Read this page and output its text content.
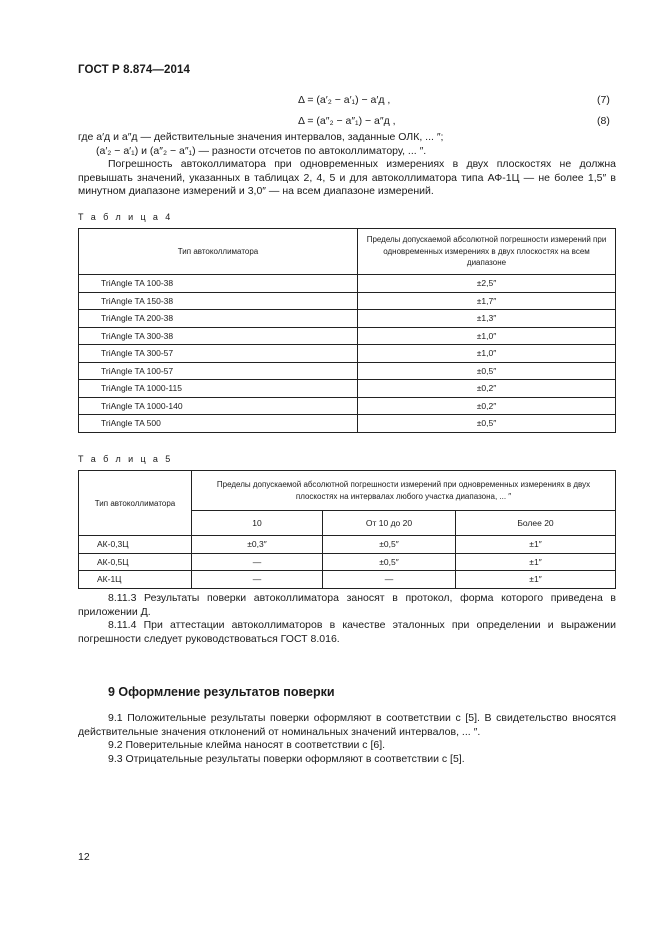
ГОСТ Р 8.874—2014
Δ = (a′₂ − a′₁) − a′д ,	(7)
Δ = (a″₂ − a″₁) − a″д ,	(8)

где a′д и a″д — действительные значения интервалов, заданные ОЛК, ... ″;

(a′₂ − a′₁) и (a″₂ − a″₁) — разности отсчетов по автоколлиматору, ... ″.

Погрешность автоколлиматора при одновременных измерениях в двух плоскостях не должна превышать значений, указанных в таблицах 2, 4, 5 и для автоколлиматора типа АФ-1Ц — не более 1,5″ в минутном диапазоне измерений и 3,0″ — на всем диапазоне измерений.

Т а б л и ц а 4
Тип автоколлиматора	Пределы допускаемой абсолютной погрешности измерений при одновременных измерениях в двух плоскостях на всем диапазоне
TriAngle TA 100-38	±2,5″
TriAngle TA 150-38	±1,7″
TriAngle TA 200-38	±1,3″
TriAngle TA 300-38	±1,0″
TriAngle TA 300-57	±1,0″
TriAngle TA 100-57	±0,5″
TriAngle TA 1000-115	±0,2″
TriAngle TA 1000-140	±0,2″
TriAngle TA 500	±0,5″
Т а б л и ц а 5
Тип автоколлиматора	Пределы допускаемой абсолютной погрешности измерений при одновременных измерениях в двух плоскостях на интервалах любого участка диапазона, ... ″		
	10	От 10 до 20	Более 20
АК-0,3Ц	±0,3″	±0,5″	±1″
АК-0,5Ц	—	±0,5″	±1″
АК-1Ц	—	—	±1″

8.11.3 Результаты поверки автоколлиматора заносят в протокол, форма которого приведена в приложении Д.

8.11.4 При аттестации автоколлиматоров в качестве эталонных при определении и выражении погрешности следует руководствоваться ГОСТ 8.016.

9 Оформление результатов поверки

9.1 Положительные результаты поверки оформляют в соответствии с [5]. В свидетельство вносятся действительные значения отклонений от номинальных значений интервалов, ... ″.

9.2 Поверительные клейма наносят в соответствии с [6].

9.3 Отрицательные результаты поверки оформляют в соответствии с [5].

12
